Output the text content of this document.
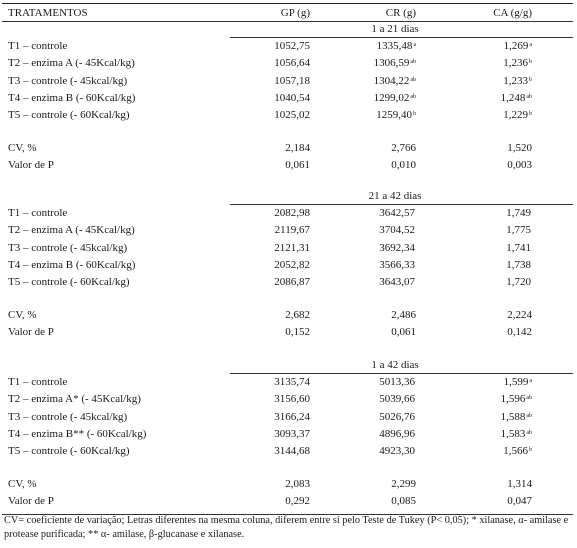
TRATAMENTOS	GP (g)	CR (g)	CA (g/g)
1 a 21 dias
T1 – controle	1052,75	1335,48$^a$	1,269$^a$
T2 – enzima A (- 45Kcal/kg)	1056,64	1306,59$^{ab}$	1,236$^b$
T3 – controle (- 45kcal/kg)	1057,18	1304,22$^{ab}$	1,233$^b$
T4 – enzima B (- 60Kcal/kg)	1040,54	1299,02$^{ab}$	1,248$^{ab}$
T5 – controle (- 60Kcal/kg)	1025,02	1259,40$^b$	1,229$^b$
CV, %	2,184	2,766	1,520
Valor de P	0,061	0,010	0,003
21 a 42 dias
T1 – controle	2082,98	3642,57	1,749
T2 – enzima A (- 45Kcal/kg)	2119,67	3704,52	1,775
T3 – controle (- 45kcal/kg)	2121,31	3692,34	1,741
T4 – enzima B (- 60Kcal/kg)	2052,82	3566,33	1,738
T5 – controle (- 60Kcal/kg)	2086,87	3643,07	1,720
CV, %	2,682	2,486	2,224
Valor de P	0,152	0,061	0,142
1 a 42 dias
T1 – controle	3135,74	5013,36	1,599$^a$
T2 – enzima A* (- 45Kcal/kg)	3156,60	5039,66	1,596$^{ab}$
T3 – controle (- 45kcal/kg)	3166,24	5026,76	1,588$^{ab}$
T4 – enzima B** (- 60Kcal/kg)	3093,37	4896,96	1,583$^{ab}$
T5 – controle (- 60Kcal/kg)	3144,68	4923,30	1,566$^b$
CV, %	2,083	2,299	1,314
Valor de P	0,292	0,085	0,047
CV= coeficiente de variação; Letras diferentes na mesma coluna, diferem entre si pelo Teste de Tukey (P< 0,05); * xilanase, α- amilase e protease purificada; ** α- amilase, β-glucanase e xilanase.
